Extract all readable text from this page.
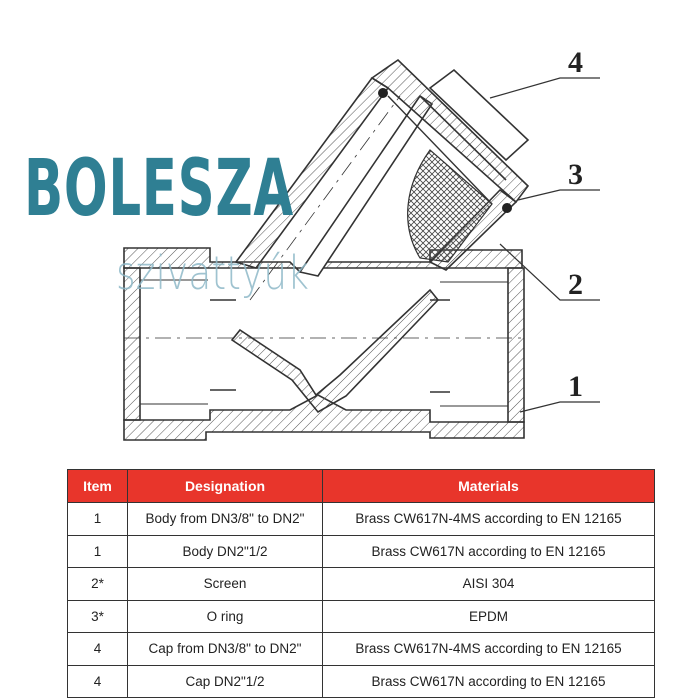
4
3
2
1
BOLESZA
szivattyúk
Item	Designation	Materials
1	Body from DN3/8" to DN2"	Brass CW617N-4MS according to EN 12165
1	Body DN2"1/2	Brass CW617N according to EN 12165
2*	Screen	AISI 304
3*	O ring	EPDM
4	Cap from DN3/8" to DN2"	Brass CW617N-4MS according to EN 12165
4	Cap DN2"1/2	Brass CW617N according to EN 12165
